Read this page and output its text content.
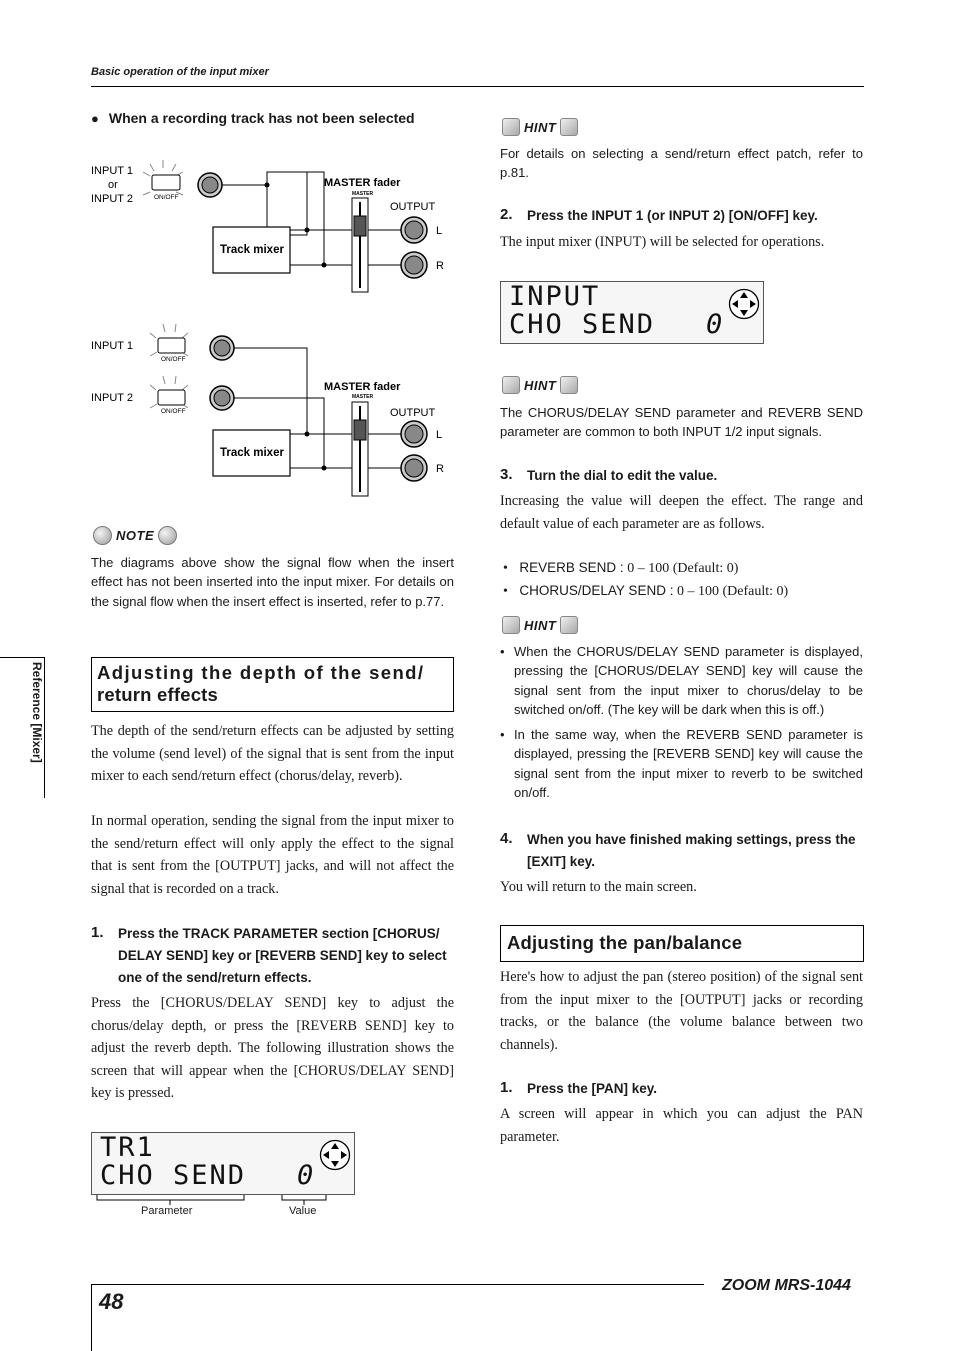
Basic operation of the input mixer
Reference [Mixer]
● When a recording track has not been selected
INPUT 1
or
INPUT 2	ON/OFF
Track mixer
MASTER fader
MASTER
OUTPUT
L
R
INPUT 1
INPUT 2
ON/OFF
ON/OFF
Track mixer
MASTER fader
MASTER
OUTPUT
L
R
NOTE
The diagrams above show the signal flow when the insert effect has not been inserted into the input mixer. For details on the signal flow when the insert effect is inserted, refer to p.77.
Adjusting the depth of the send/
return effects
The depth of the send/return effects can be adjusted by setting the volume (send level) of the signal that is sent from the input mixer to each send/return effect (chorus/delay, reverb).
In normal operation, sending the signal from the input mixer to the send/return effect will only apply the effect to the signal that is sent from the [OUTPUT] jacks, and will not affect the signal that is recorded on a track.
1. Press the TRACK PARAMETER section [CHORUS/ DELAY SEND] key or [REVERB SEND] key to select one of the send/return effects.
Press the [CHORUS/DELAY SEND] key to adjust the chorus/delay depth, or press the [REVERB SEND] key to adjust the reverb depth. The following illustration shows the screen that will appear when the [CHORUS/DELAY SEND] key is pressed.
TR1
CHO SEND 0
Parameter	Value
HINT
For details on selecting a send/return effect patch, refer to p.81.
2. Press the INPUT 1 (or INPUT 2) [ON/OFF] key.
The input mixer (INPUT) will be selected for operations.
INPUT
CHO SEND 0
HINT
The CHORUS/DELAY SEND parameter and REVERB SEND parameter are common to both INPUT 1/2 input signals.
3. Turn the dial to edit the value.
Increasing the value will deepen the effect. The range and default value of each parameter are as follows.
• REVERB SEND : 0 – 100 (Default: 0)
• CHORUS/DELAY SEND : 0 – 100 (Default: 0)
HINT
• When the CHORUS/DELAY SEND parameter is displayed, pressing the [CHORUS/DELAY SEND] key will cause the signal sent from the input mixer to chorus/delay to be switched on/off. (The key will be dark when this is off.)
• In the same way, when the REVERB SEND parameter is displayed, pressing the [REVERB SEND] key will cause the signal sent from the input mixer to reverb to be switched on/off.
4. When you have finished making settings, press the [EXIT] key.
You will return to the main screen.
Adjusting the pan/balance
Here's how to adjust the pan (stereo position) of the signal sent from the input mixer to the [OUTPUT] jacks or recording tracks, or the balance (the volume balance between two channels).
1. Press the [PAN] key.
A screen will appear in which you can adjust the PAN parameter.
48
ZOOM MRS-1044
